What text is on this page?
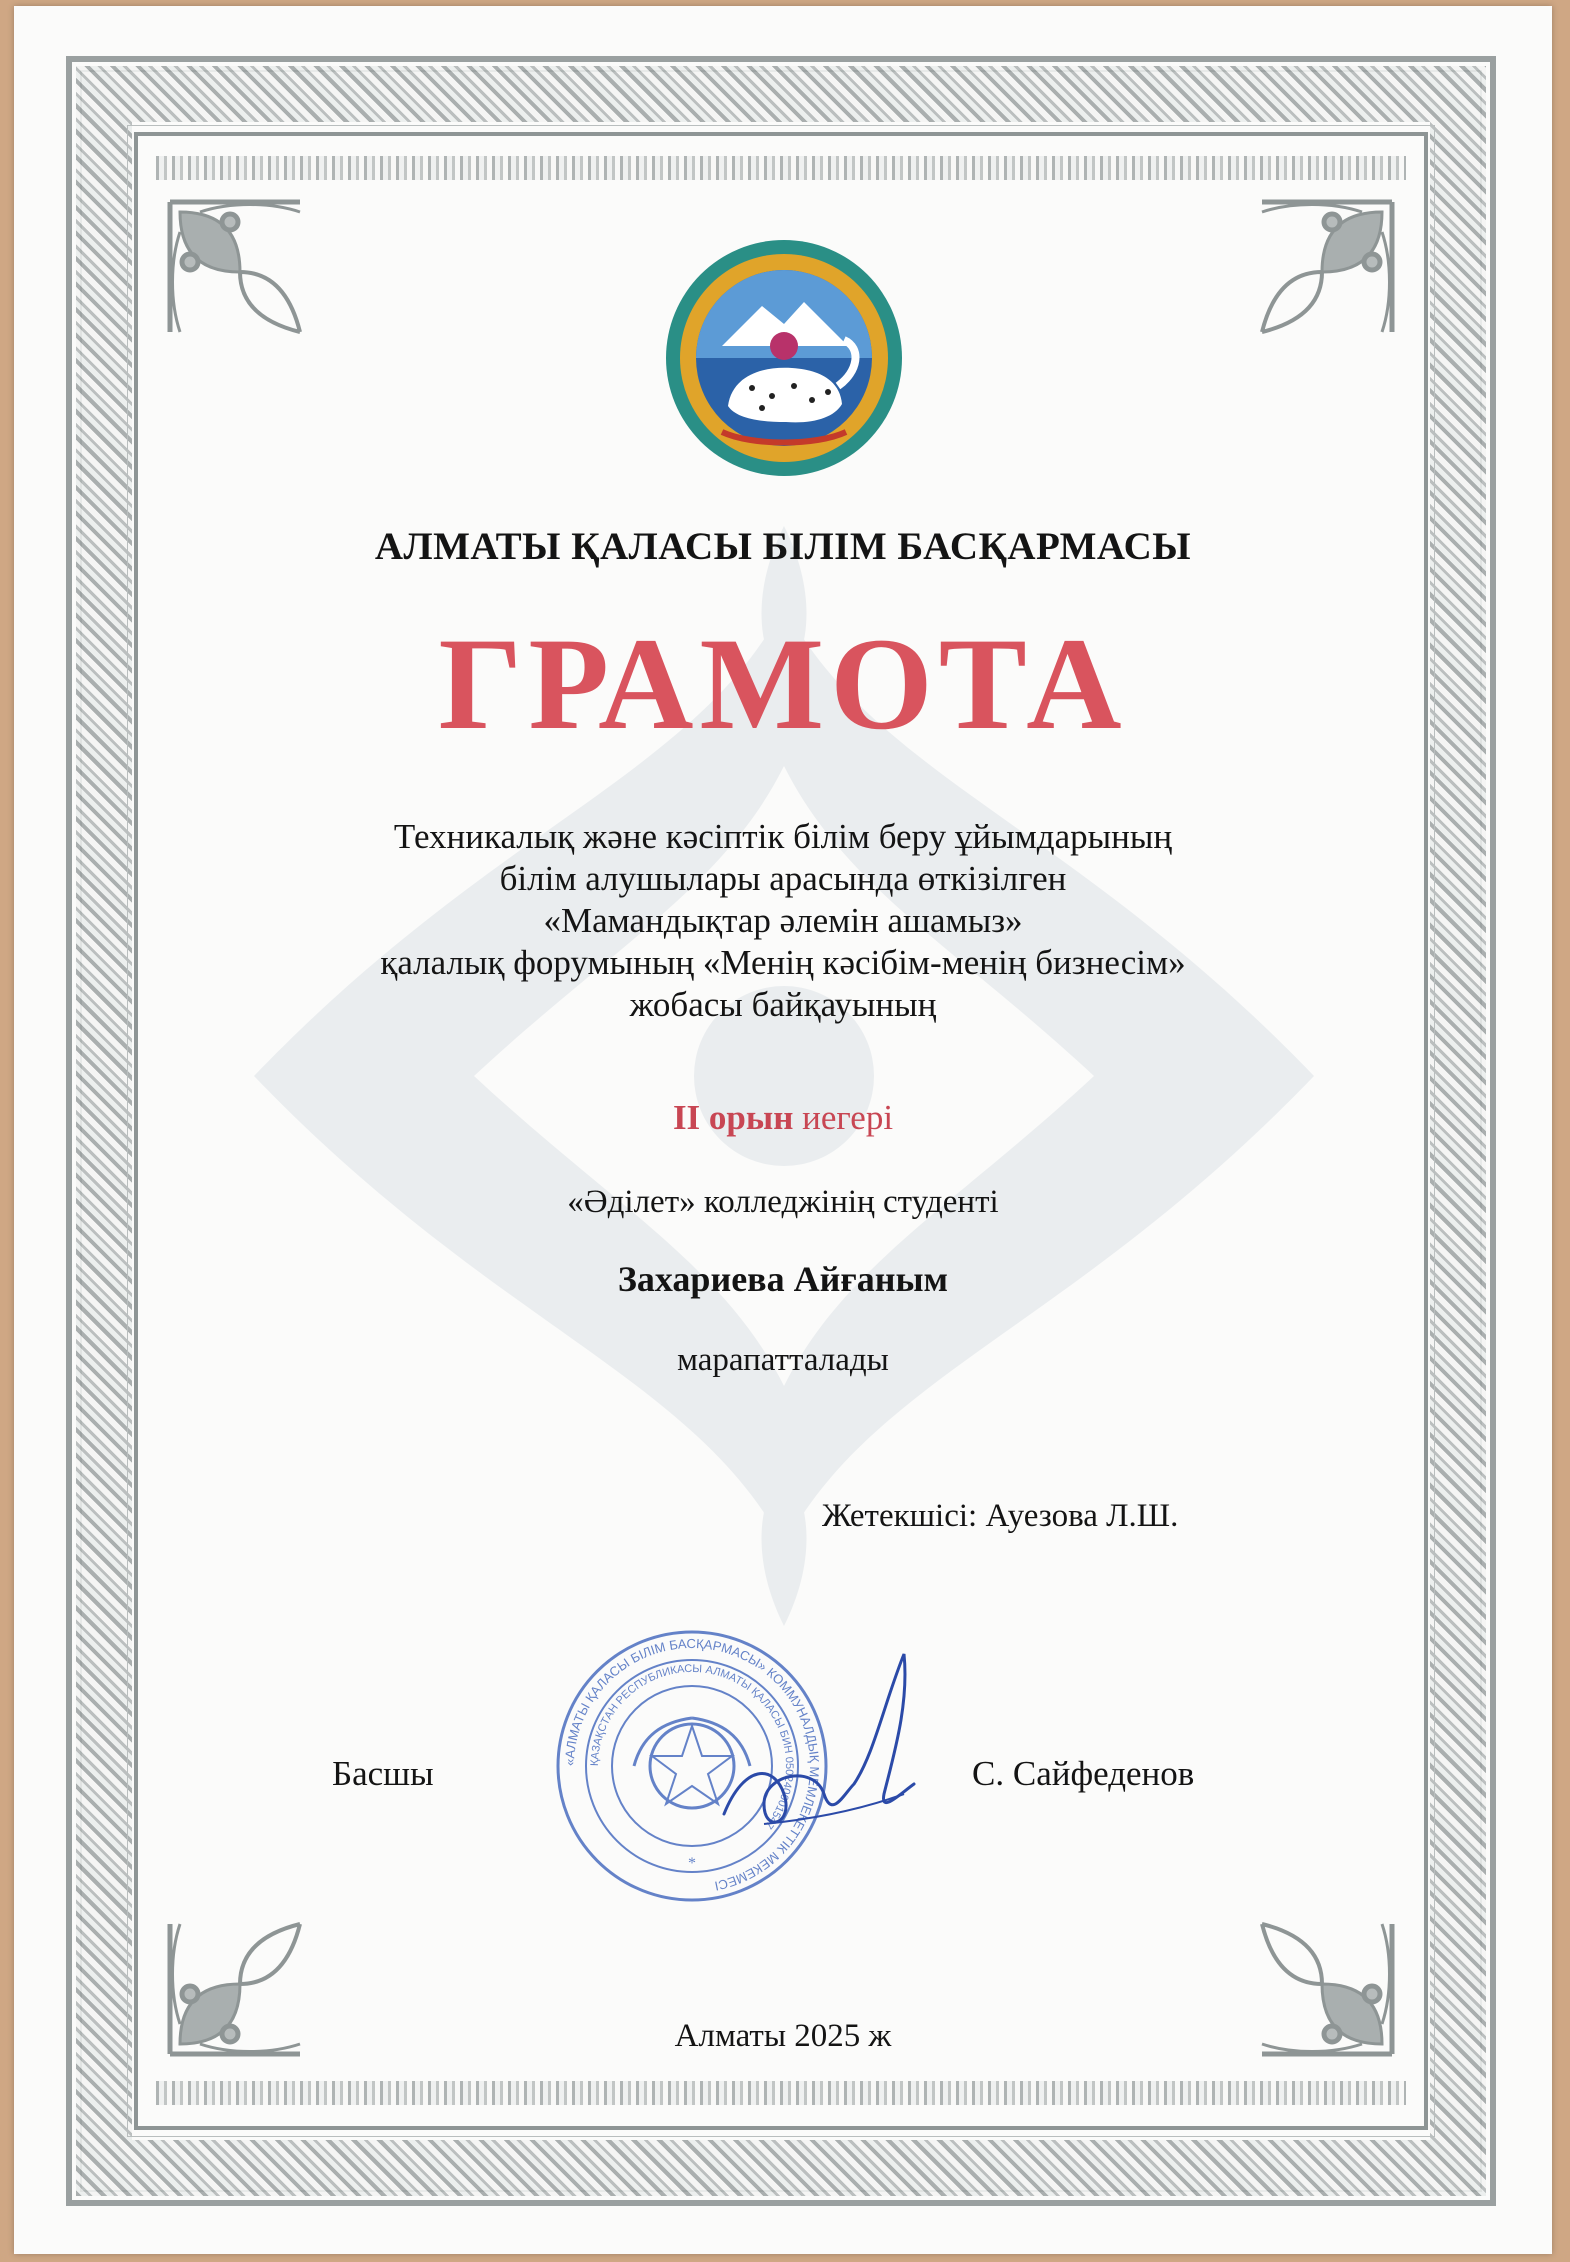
АЛМАТЫ ҚАЛАСЫ БІЛІМ БАСҚАРМАСЫ
ГРАМОТА
Техникалық және кәсіптік білім беру ұйымдарының
білім алушылары арасында өткізілген
«Мамандықтар әлемін ашамыз»
қалалық форумының «Менің кәсібім-менің бизнесім»
жобасы байқауының
II орын иегері
«Әділет» колледжінің студенті
Захариева Айғаным
марапатталады
Жетекшісі: Ауезова Л.Ш.
«АЛМАТЫ ҚАЛАСЫ БІЛІМ БАСҚАРМАСЫ» КОММУНАЛДЫҚ МЕМЛЕКЕТТІК МЕКЕМЕСІ
ҚАЗАҚСТАН РЕСПУБЛИКАСЫ АЛМАТЫ ҚАЛАСЫ БИН 050240001547
*
Басшы	С. Сайфеденов
Алматы 2025 ж
